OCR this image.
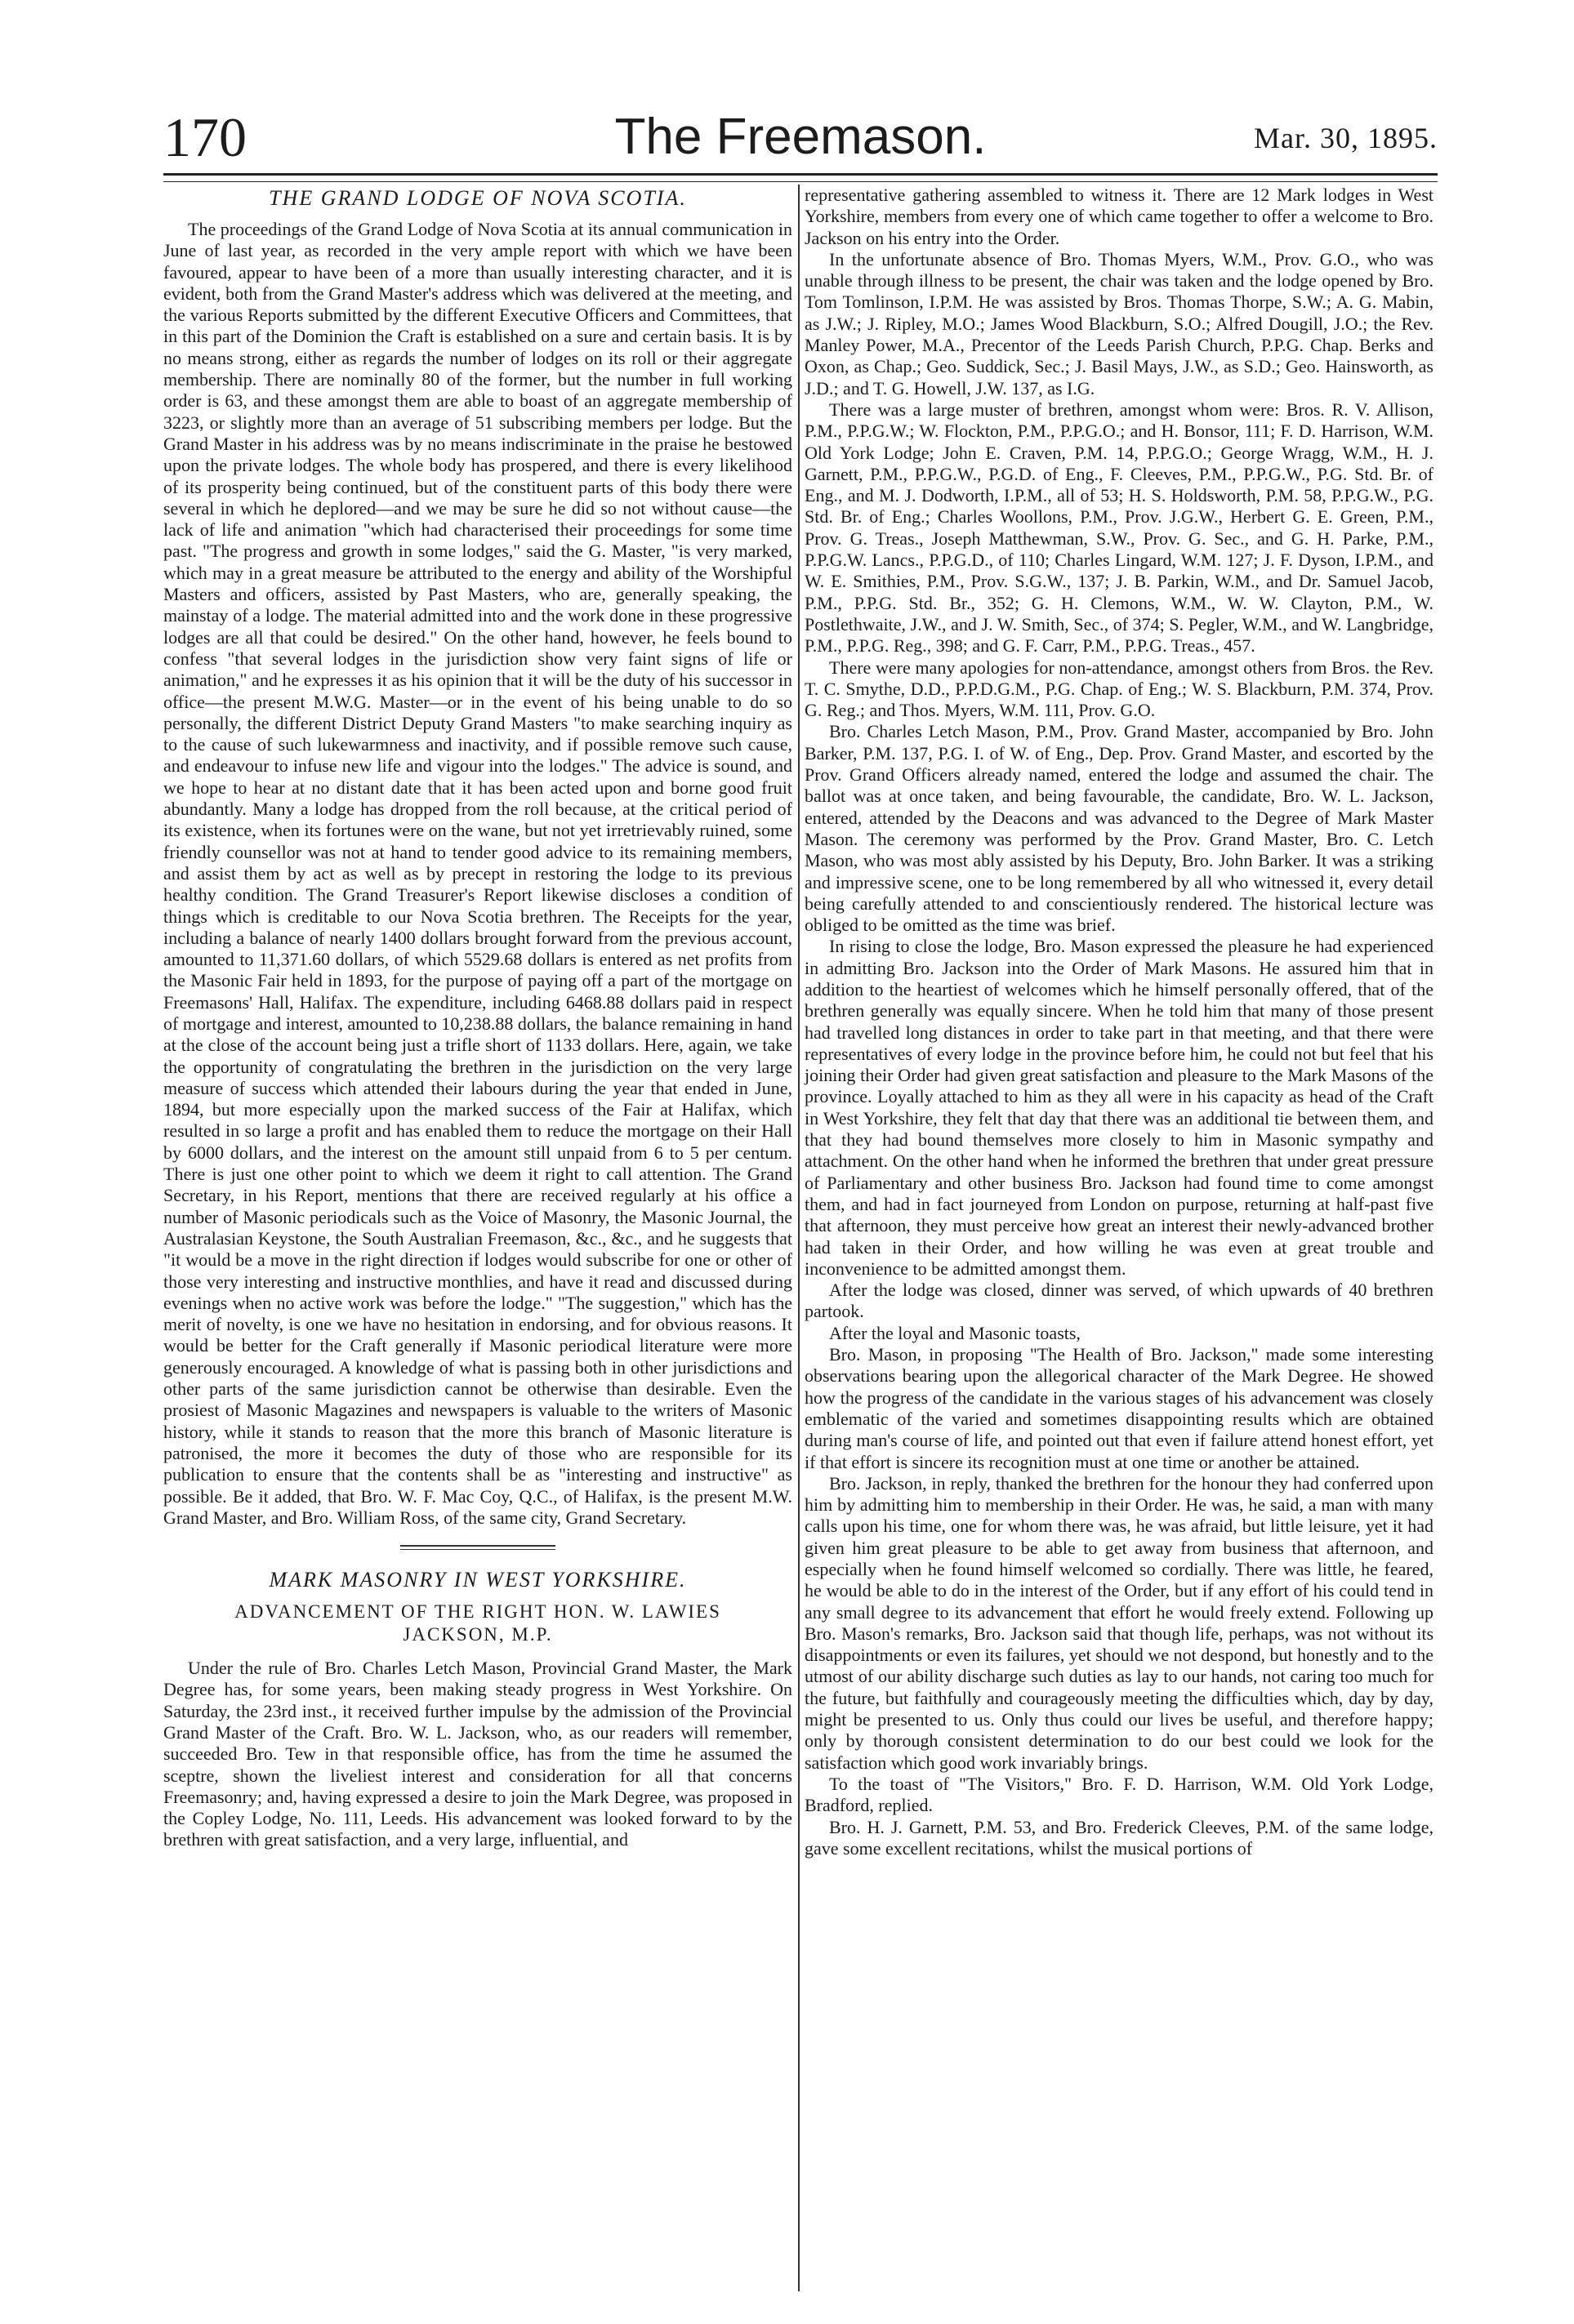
170	The Freemason.	Mar. 30, 1895.
THE GRAND LODGE OF NOVA SCOTIA.

The proceedings of the Grand Lodge of Nova Scotia at its annual communication in June of last year, as recorded in the very ample report with which we have been favoured, appear to have been of a more than usually interesting character, and it is evident, both from the Grand Master's address which was delivered at the meeting, and the various Reports submitted by the different Executive Officers and Committees, that in this part of the Dominion the Craft is established on a sure and certain basis. It is by no means strong, either as regards the number of lodges on its roll or their aggregate membership. There are nominally 80 of the former, but the number in full working order is 63, and these amongst them are able to boast of an aggregate membership of 3223, or slightly more than an average of 51 subscribing members per lodge. But the Grand Master in his address was by no means indiscriminate in the praise he bestowed upon the private lodges. The whole body has prospered, and there is every likelihood of its prosperity being continued, but of the constituent parts of this body there were several in which he deplored—and we may be sure he did so not without cause—the lack of life and animation "which had characterised their proceedings for some time past. "The progress and growth in some lodges," said the G. Master, "is very marked, which may in a great measure be attributed to the energy and ability of the Worshipful Masters and officers, assisted by Past Masters, who are, generally speaking, the mainstay of a lodge. The material admitted into and the work done in these progressive lodges are all that could be desired." On the other hand, however, he feels bound to confess "that several lodges in the jurisdiction show very faint signs of life or animation," and he expresses it as his opinion that it will be the duty of his successor in office—the present M.W.G. Master—or in the event of his being unable to do so personally, the different District Deputy Grand Masters "to make searching inquiry as to the cause of such lukewarmness and inactivity, and if possible remove such cause, and endeavour to infuse new life and vigour into the lodges." The advice is sound, and we hope to hear at no distant date that it has been acted upon and borne good fruit abundantly. Many a lodge has dropped from the roll because, at the critical period of its existence, when its fortunes were on the wane, but not yet irretrievably ruined, some friendly counsellor was not at hand to tender good advice to its remaining members, and assist them by act as well as by precept in restoring the lodge to its previous healthy condition. The Grand Treasurer's Report likewise discloses a condition of things which is creditable to our Nova Scotia brethren. The Receipts for the year, including a balance of nearly 1400 dollars brought forward from the previous account, amounted to 11,371.60 dollars, of which 5529.68 dollars is entered as net profits from the Masonic Fair held in 1893, for the purpose of paying off a part of the mortgage on Freemasons' Hall, Halifax. The expenditure, including 6468.88 dollars paid in respect of mortgage and interest, amounted to 10,238.88 dollars, the balance remaining in hand at the close of the account being just a trifle short of 1133 dollars. Here, again, we take the opportunity of congratulating the brethren in the jurisdiction on the very large measure of success which attended their labours during the year that ended in June, 1894, but more especially upon the marked success of the Fair at Halifax, which resulted in so large a profit and has enabled them to reduce the mortgage on their Hall by 6000 dollars, and the interest on the amount still unpaid from 6 to 5 per centum. There is just one other point to which we deem it right to call attention. The Grand Secretary, in his Report, mentions that there are received regularly at his office a number of Masonic periodicals such as the Voice of Masonry, the Masonic Journal, the Australasian Keystone, the South Australian Freemason, &c., &c., and he suggests that "it would be a move in the right direction if lodges would subscribe for one or other of those very interesting and instructive monthlies, and have it read and discussed during evenings when no active work was before the lodge." "The suggestion," which has the merit of novelty, is one we have no hesitation in endorsing, and for obvious reasons. It would be better for the Craft generally if Masonic periodical literature were more generously encouraged. A knowledge of what is passing both in other jurisdictions and other parts of the same jurisdiction cannot be otherwise than desirable. Even the prosiest of Masonic Magazines and newspapers is valuable to the writers of Masonic history, while it stands to reason that the more this branch of Masonic literature is patronised, the more it becomes the duty of those who are responsible for its publication to ensure that the contents shall be as "interesting and instructive" as possible. Be it added, that Bro. W. F. Mac Coy, Q.C., of Halifax, is the present M.W. Grand Master, and Bro. William Ross, of the same city, Grand Secretary.

MARK MASONRY IN WEST YORKSHIRE.
ADVANCEMENT OF THE RIGHT HON. W. LAWIES JACKSON, M.P.

Under the rule of Bro. Charles Letch Mason, Provincial Grand Master, the Mark Degree has, for some years, been making steady progress in West Yorkshire. On Saturday, the 23rd inst., it received further impulse by the admission of the Provincial Grand Master of the Craft. Bro. W. L. Jackson, who, as our readers will remember, succeeded Bro. Tew in that responsible office, has from the time he assumed the sceptre, shown the liveliest interest and consideration for all that concerns Freemasonry; and, having expressed a desire to join the Mark Degree, was proposed in the Copley Lodge, No. 111, Leeds. His advancement was looked forward to by the brethren with great satisfaction, and a very large, influential, and

representative gathering assembled to witness it. There are 12 Mark lodges in West Yorkshire, members from every one of which came together to offer a welcome to Bro. Jackson on his entry into the Order.

In the unfortunate absence of Bro. Thomas Myers, W.M., Prov. G.O., who was unable through illness to be present, the chair was taken and the lodge opened by Bro. Tom Tomlinson, I.P.M. He was assisted by Bros. Thomas Thorpe, S.W.; A. G. Mabin, as J.W.; J. Ripley, M.O.; James Wood Blackburn, S.O.; Alfred Dougill, J.O.; the Rev. Manley Power, M.A., Precentor of the Leeds Parish Church, P.P.G. Chap. Berks and Oxon, as Chap.; Geo. Suddick, Sec.; J. Basil Mays, J.W., as S.D.; Geo. Hainsworth, as J.D.; and T. G. Howell, J.W. 137, as I.G.

There was a large muster of brethren, amongst whom were: Bros. R. V. Allison, P.M., P.P.G.W.; W. Flockton, P.M., P.P.G.O.; and H. Bonsor, 111; F. D. Harrison, W.M. Old York Lodge; John E. Craven, P.M. 14, P.P.G.O.; George Wragg, W.M., H. J. Garnett, P.M., P.P.G.W., P.G.D. of Eng., F. Cleeves, P.M., P.P.G.W., P.G. Std. Br. of Eng., and M. J. Dodworth, I.P.M., all of 53; H. S. Holdsworth, P.M. 58, P.P.G.W., P.G. Std. Br. of Eng.; Charles Woollons, P.M., Prov. J.G.W., Herbert G. E. Green, P.M., Prov. G. Treas., Joseph Matthewman, S.W., Prov. G. Sec., and G. H. Parke, P.M., P.P.G.W. Lancs., P.P.G.D., of 110; Charles Lingard, W.M. 127; J. F. Dyson, I.P.M., and W. E. Smithies, P.M., Prov. S.G.W., 137; J. B. Parkin, W.M., and Dr. Samuel Jacob, P.M., P.P.G. Std. Br., 352; G. H. Clemons, W.M., W. W. Clayton, P.M., W. Postlethwaite, J.W., and J. W. Smith, Sec., of 374; S. Pegler, W.M., and W. Langbridge, P.M., P.P.G. Reg., 398; and G. F. Carr, P.M., P.P.G. Treas., 457.

There were many apologies for non-attendance, amongst others from Bros. the Rev. T. C. Smythe, D.D., P.P.D.G.M., P.G. Chap. of Eng.; W. S. Blackburn, P.M. 374, Prov. G. Reg.; and Thos. Myers, W.M. 111, Prov. G.O.

Bro. Charles Letch Mason, P.M., Prov. Grand Master, accompanied by Bro. John Barker, P.M. 137, P.G. I. of W. of Eng., Dep. Prov. Grand Master, and escorted by the Prov. Grand Officers already named, entered the lodge and assumed the chair. The ballot was at once taken, and being favourable, the candidate, Bro. W. L. Jackson, entered, attended by the Deacons and was advanced to the Degree of Mark Master Mason. The ceremony was performed by the Prov. Grand Master, Bro. C. Letch Mason, who was most ably assisted by his Deputy, Bro. John Barker. It was a striking and impressive scene, one to be long remembered by all who witnessed it, every detail being carefully attended to and conscientiously rendered. The historical lecture was obliged to be omitted as the time was brief.

In rising to close the lodge, Bro. Mason expressed the pleasure he had experienced in admitting Bro. Jackson into the Order of Mark Masons. He assured him that in addition to the heartiest of welcomes which he himself personally offered, that of the brethren generally was equally sincere. When he told him that many of those present had travelled long distances in order to take part in that meeting, and that there were representatives of every lodge in the province before him, he could not but feel that his joining their Order had given great satisfaction and pleasure to the Mark Masons of the province. Loyally attached to him as they all were in his capacity as head of the Craft in West Yorkshire, they felt that day that there was an additional tie between them, and that they had bound themselves more closely to him in Masonic sympathy and attachment. On the other hand when he informed the brethren that under great pressure of Parliamentary and other business Bro. Jackson had found time to come amongst them, and had in fact journeyed from London on purpose, returning at half-past five that afternoon, they must perceive how great an interest their newly-advanced brother had taken in their Order, and how willing he was even at great trouble and inconvenience to be admitted amongst them.

After the lodge was closed, dinner was served, of which upwards of 40 brethren partook.

After the loyal and Masonic toasts,

Bro. Mason, in proposing "The Health of Bro. Jackson," made some interesting observations bearing upon the allegorical character of the Mark Degree. He showed how the progress of the candidate in the various stages of his advancement was closely emblematic of the varied and sometimes disappointing results which are obtained during man's course of life, and pointed out that even if failure attend honest effort, yet if that effort is sincere its recognition must at one time or another be attained.

Bro. Jackson, in reply, thanked the brethren for the honour they had conferred upon him by admitting him to membership in their Order. He was, he said, a man with many calls upon his time, one for whom there was, he was afraid, but little leisure, yet it had given him great pleasure to be able to get away from business that afternoon, and especially when he found himself welcomed so cordially. There was little, he feared, he would be able to do in the interest of the Order, but if any effort of his could tend in any small degree to its advancement that effort he would freely extend. Following up Bro. Mason's remarks, Bro. Jackson said that though life, perhaps, was not without its disappointments or even its failures, yet should we not despond, but honestly and to the utmost of our ability discharge such duties as lay to our hands, not caring too much for the future, but faithfully and courageously meeting the difficulties which, day by day, might be presented to us. Only thus could our lives be useful, and therefore happy; only by thorough consistent determination to do our best could we look for the satisfaction which good work invariably brings.

To the toast of "The Visitors," Bro. F. D. Harrison, W.M. Old York Lodge, Bradford, replied.

Bro. H. J. Garnett, P.M. 53, and Bro. Frederick Cleeves, P.M. of the same lodge, gave some excellent recitations, whilst the musical portions of
